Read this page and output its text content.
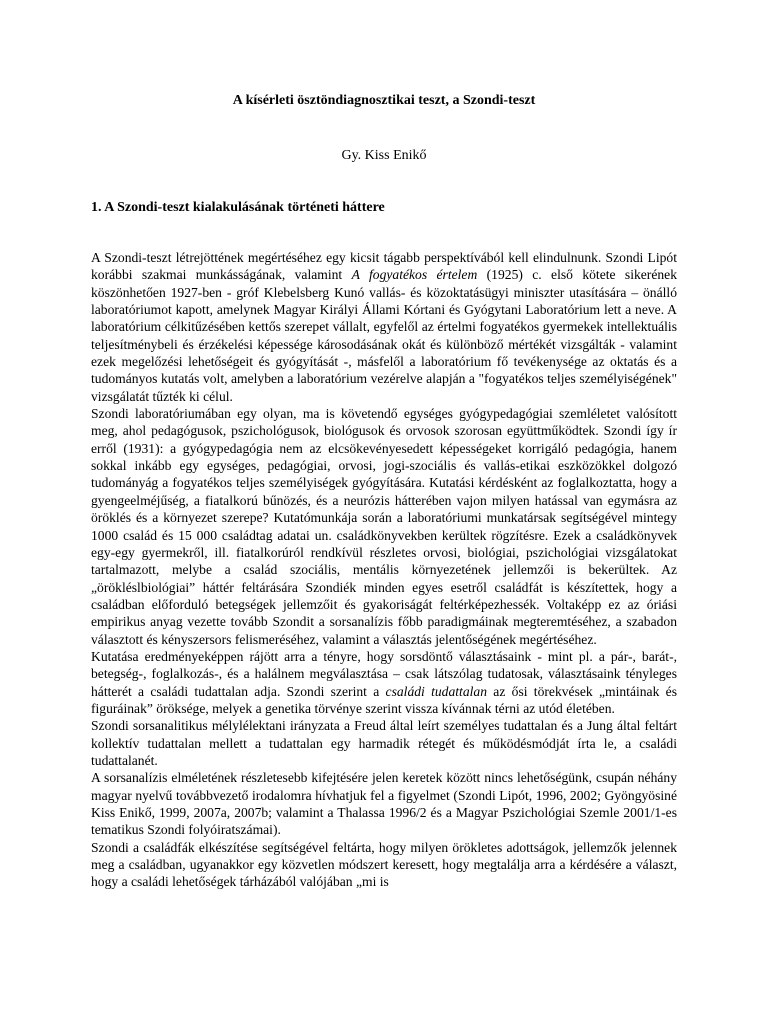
A kísérleti ösztöndiagnosztikai teszt, a Szondi-teszt
Gy. Kiss Enikő
1. A Szondi-teszt kialakulásának történeti háttere

A Szondi-teszt létrejöttének megértéséhez egy kicsit tágabb perspektívából kell elindulnunk. Szondi Lipót korábbi szakmai munkásságának, valamint A fogyatékos értelem (1925) c. első kötete sikerének köszönhetően 1927-ben - gróf Klebelsberg Kunó vallás- és közoktatásügyi miniszter utasítására – önálló laboratóriumot kapott, amelynek Magyar Királyi Állami Kórtani és Gyógytani Laboratórium lett a neve. A laboratórium célkitűzésében kettős szerepet vállalt, egyfelől az értelmi fogyatékos gyermekek intellektuális teljesítménybeli és érzékelési képessége károsodásának okát és különböző mértékét vizsgálták - valamint ezek megelőzési lehetőségeit és gyógyítását -, másfelől a laboratórium fő tevékenysége az oktatás és a tudományos kutatás volt, amelyben a laboratórium vezérelve alapján a "fogyatékos teljes személyiségének" vizsgálatát tűzték ki célul.

Szondi laboratóriumában egy olyan, ma is követendő egységes gyógypedagógiai szemléletet valósított meg, ahol pedagógusok, pszichológusok, biológusok és orvosok szorosan együttműködtek. Szondi így ír erről (1931): a gyógypedagógia nem az elcsökevényesedett képességeket korrigáló pedagógia, hanem sokkal inkább egy egységes, pedagógiai, orvosi, jogi-szociális és vallás-etikai eszközökkel dolgozó tudományág a fogyatékos teljes személyiségek gyógyítására. Kutatási kérdésként az foglalkoztatta, hogy a gyengeelméjűség, a fiatalkorú bűnözés, és a neurózis hátterében vajon milyen hatással van egymásra az öröklés és a környezet szerepe? Kutatómunkája során a laboratóriumi munkatársak segítségével mintegy 1000 család és 15 000 családtag adatai un. családkönyvekben kerültek rögzítésre. Ezek a családkönyvek egy-egy gyermekről, ill. fiatalkorúról rendkívül részletes orvosi, biológiai, pszichológiai vizsgálatokat tartalmazott, melybe a család szociális, mentális környezetének jellemzői is bekerültek. Az „örökléslbiológiai” háttér feltárására Szondiék minden egyes esetről családfát is készítettek, hogy a családban előforduló betegségek jellemzőit és gyakoriságát feltérképezhessék. Voltaképp ez az óriási empirikus anyag vezette tovább Szondit a sorsanalízis főbb paradigmáinak megteremtéséhez, a szabadon választott és kényszersors felismeréséhez, valamint a választás jelentőségének megértéséhez.

Kutatása eredményeképpen rájött arra a tényre, hogy sorsdöntő választásaink - mint pl. a pár-, barát-, betegség-, foglalkozás-, és a halálnem megválasztása – csak látszólag tudatosak, választásaink tényleges hátterét a családi tudattalan adja. Szondi szerint a családi tudattalan az ősi törekvések „mintáinak és figuráinak” öröksége, melyek a genetika törvénye szerint vissza kívánnak térni az utód életében.

Szondi sorsanalitikus mélylélektani irányzata a Freud által leírt személyes tudattalan és a Jung által feltárt kollektív tudattalan mellett a tudattalan egy harmadik rétegét és működésmódját írta le, a családi tudattalanét.

A sorsanalízis elméletének részletesebb kifejtésére jelen keretek között nincs lehetőségünk, csupán néhány magyar nyelvű továbbvezető irodalomra hívhatjuk fel a figyelmet (Szondi Lipót, 1996, 2002; Gyöngyösiné Kiss Enikő, 1999, 2007a, 2007b; valamint a Thalassa 1996/2 és a Magyar Pszichológiai Szemle 2001/1-es tematikus Szondi folyóiratszámai).

Szondi a családfák elkészítése segítségével feltárta, hogy milyen örökletes adottságok, jellemzők jelennek meg a családban, ugyanakkor egy közvetlen módszert keresett, hogy megtalálja arra a kérdésére a választ, hogy a családi lehetőségek tárházából valójában „mi is
